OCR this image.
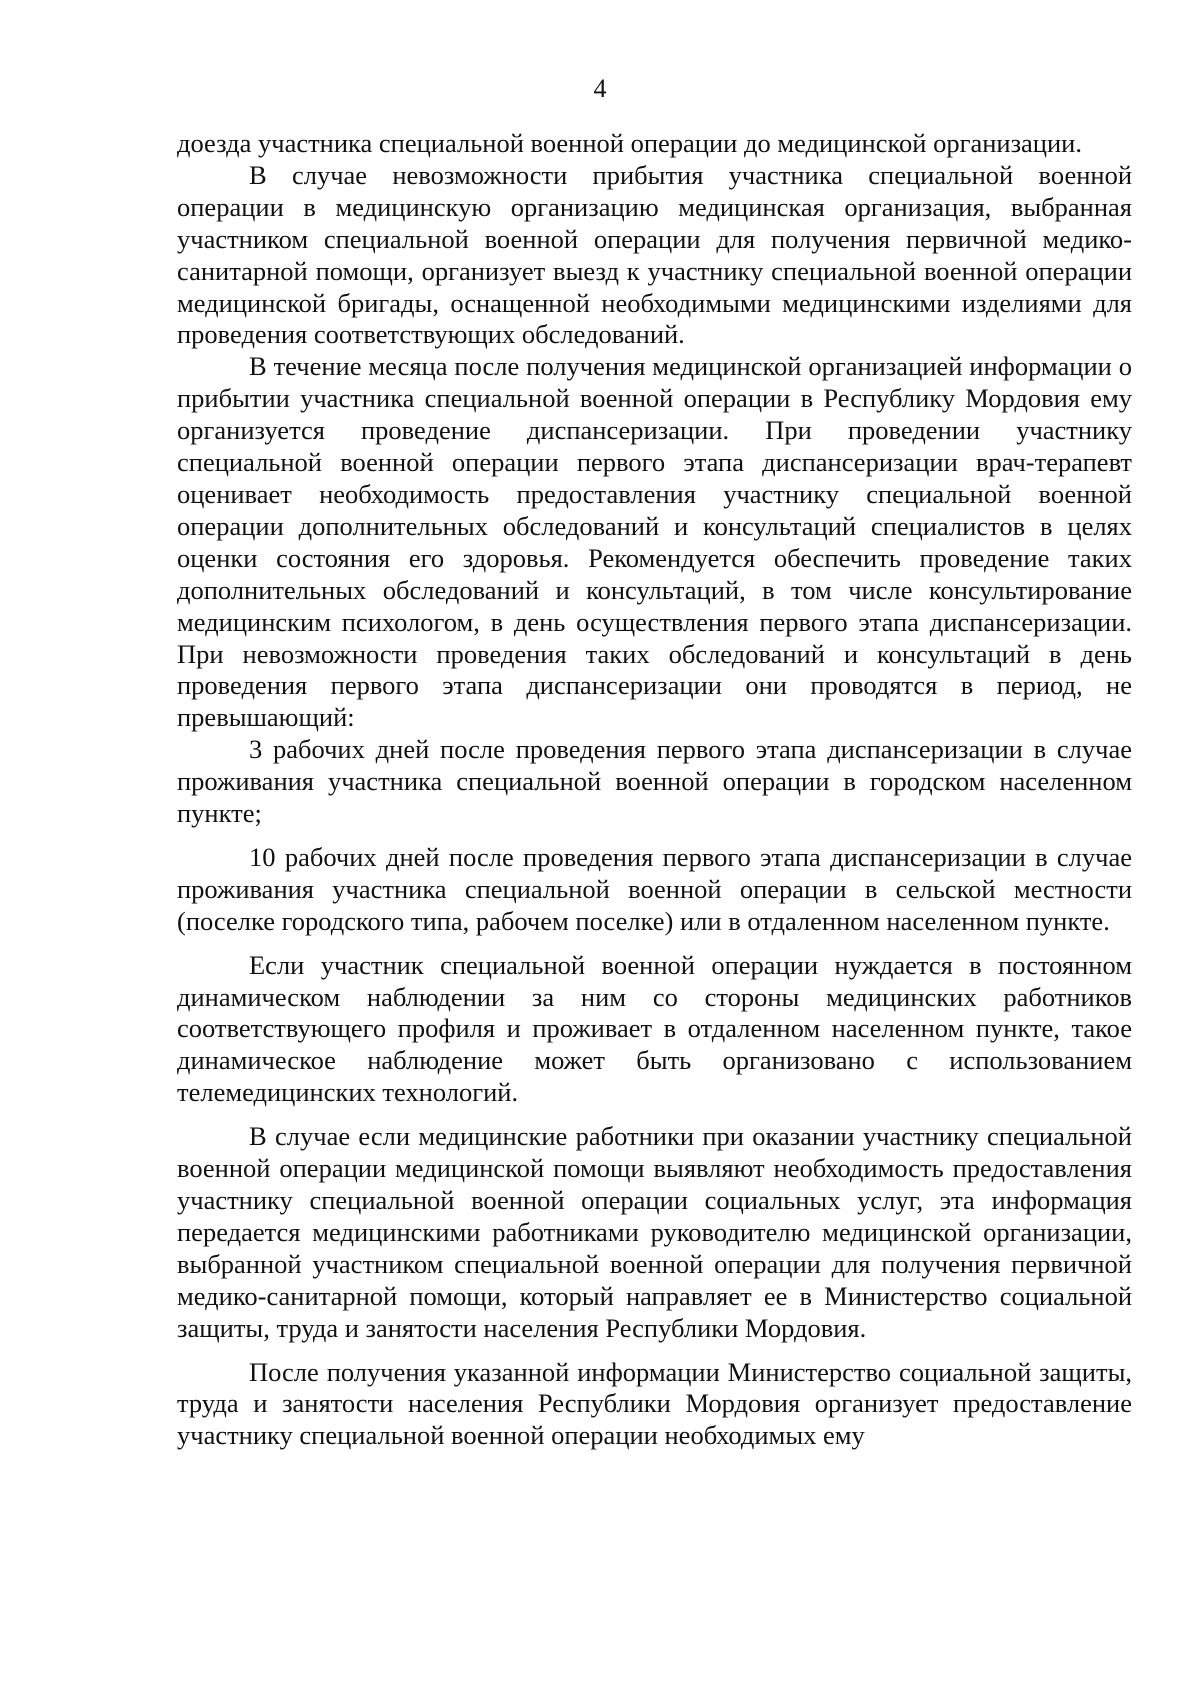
4

доезда участника специальной военной операции до медицинской организации.

В случае невозможности прибытия участника специальной военной операции в медицинскую организацию медицинская организация, выбранная участником специальной военной операции для получения первичной медико-санитарной помощи, организует выезд к участнику специальной военной операции медицинской бригады, оснащенной необходимыми медицинскими изделиями для проведения соответствующих обследований.

В течение месяца после получения медицинской организацией информации о прибытии участника специальной военной операции в Республику Мордовия ему организуется проведение диспансеризации. При проведении участнику специальной военной операции первого этапа диспансеризации врач-терапевт оценивает необходимость предоставления участнику специальной военной операции дополнительных обследований и консультаций специалистов в целях оценки состояния его здоровья. Рекомендуется обеспечить проведение таких дополнительных обследований и консультаций, в том числе консультирование медицинским психологом, в день осуществления первого этапа диспансеризации. При невозможности проведения таких обследований и консультаций в день проведения первого этапа диспансеризации они проводятся в период, не превышающий:

3 рабочих дней после проведения первого этапа диспансеризации в случае проживания участника специальной военной операции в городском населенном пункте;

10 рабочих дней после проведения первого этапа диспансеризации в случае проживания участника специальной военной операции в сельской местности (поселке городского типа, рабочем поселке) или в отдаленном населенном пункте.

Если участник специальной военной операции нуждается в постоянном динамическом наблюдении за ним со стороны медицинских работников соответствующего профиля и проживает в отдаленном населенном пункте, такое динамическое наблюдение может быть организовано с использованием телемедицинских технологий.

В случае если медицинские работники при оказании участнику специальной военной операции медицинской помощи выявляют необходимость предоставления участнику специальной военной операции социальных услуг, эта информация передается медицинскими работниками руководителю медицинской организации, выбранной участником специальной военной операции для получения первичной медико-санитарной помощи, который направляет ее в Министерство социальной защиты, труда и занятости населения Республики Мордовия.

После получения указанной информации Министерство социальной защиты, труда и занятости населения Республики Мордовия организует предоставление участнику специальной военной операции необходимых ему
